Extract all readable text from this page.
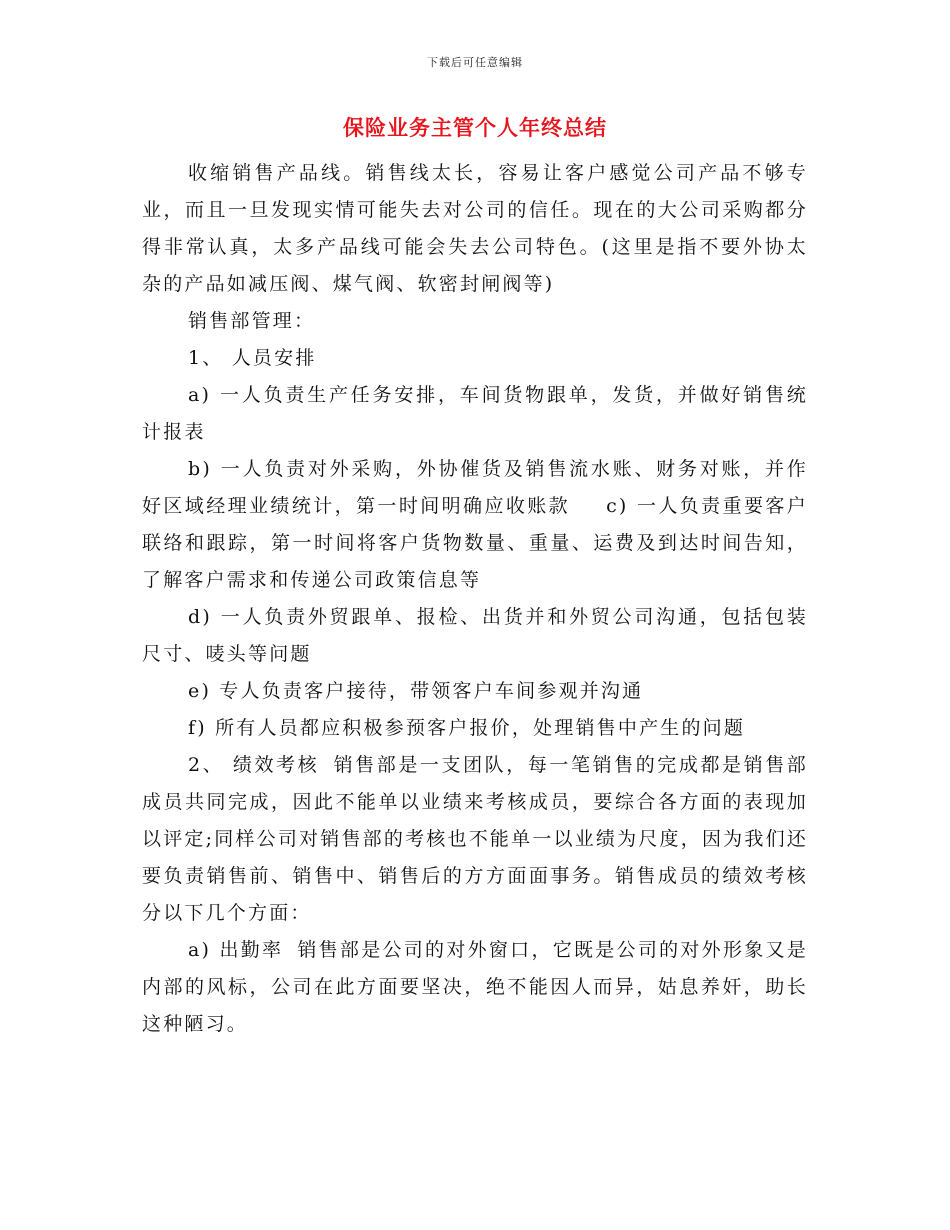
下载后可任意编辑
保险业务主管个人年终总结

收缩销售产品线。销售线太长，容易让客户感觉公司产品不够专业，而且一旦发现实情可能失去对公司的信任。现在的大公司采购都分得非常认真，太多产品线可能会失去公司特色。(这里是指不要外协太杂的产品如减压阀、煤气阀、软密封闸阀等)

销售部管理：

1、 人员安排

a) 一人负责生产任务安排，车间货物跟单，发货，并做好销售统计报表

b) 一人负责对外采购，外协催货及销售流水账、财务对账，并作好区域经理业绩统计，第一时间明确应收账款 c) 一人负责重要客户联络和跟踪，第一时间将客户货物数量、重量、运费及到达时间告知，了解客户需求和传递公司政策信息等

d) 一人负责外贸跟单、报检、出货并和外贸公司沟通，包括包装尺寸、唛头等问题

e) 专人负责客户接待，带领客户车间参观并沟通

f) 所有人员都应积极参预客户报价，处理销售中产生的问题

2、 绩效考核 销售部是一支团队，每一笔销售的完成都是销售部成员共同完成，因此不能单以业绩来考核成员，要综合各方面的表现加以评定;同样公司对销售部的考核也不能单一以业绩为尺度，因为我们还要负责销售前、销售中、销售后的方方面面事务。销售成员的绩效考核分以下几个方面：

a) 出勤率 销售部是公司的对外窗口，它既是公司的对外形象又是内部的风标，公司在此方面要坚决，绝不能因人而异，姑息养奸，助长这种陋习。
